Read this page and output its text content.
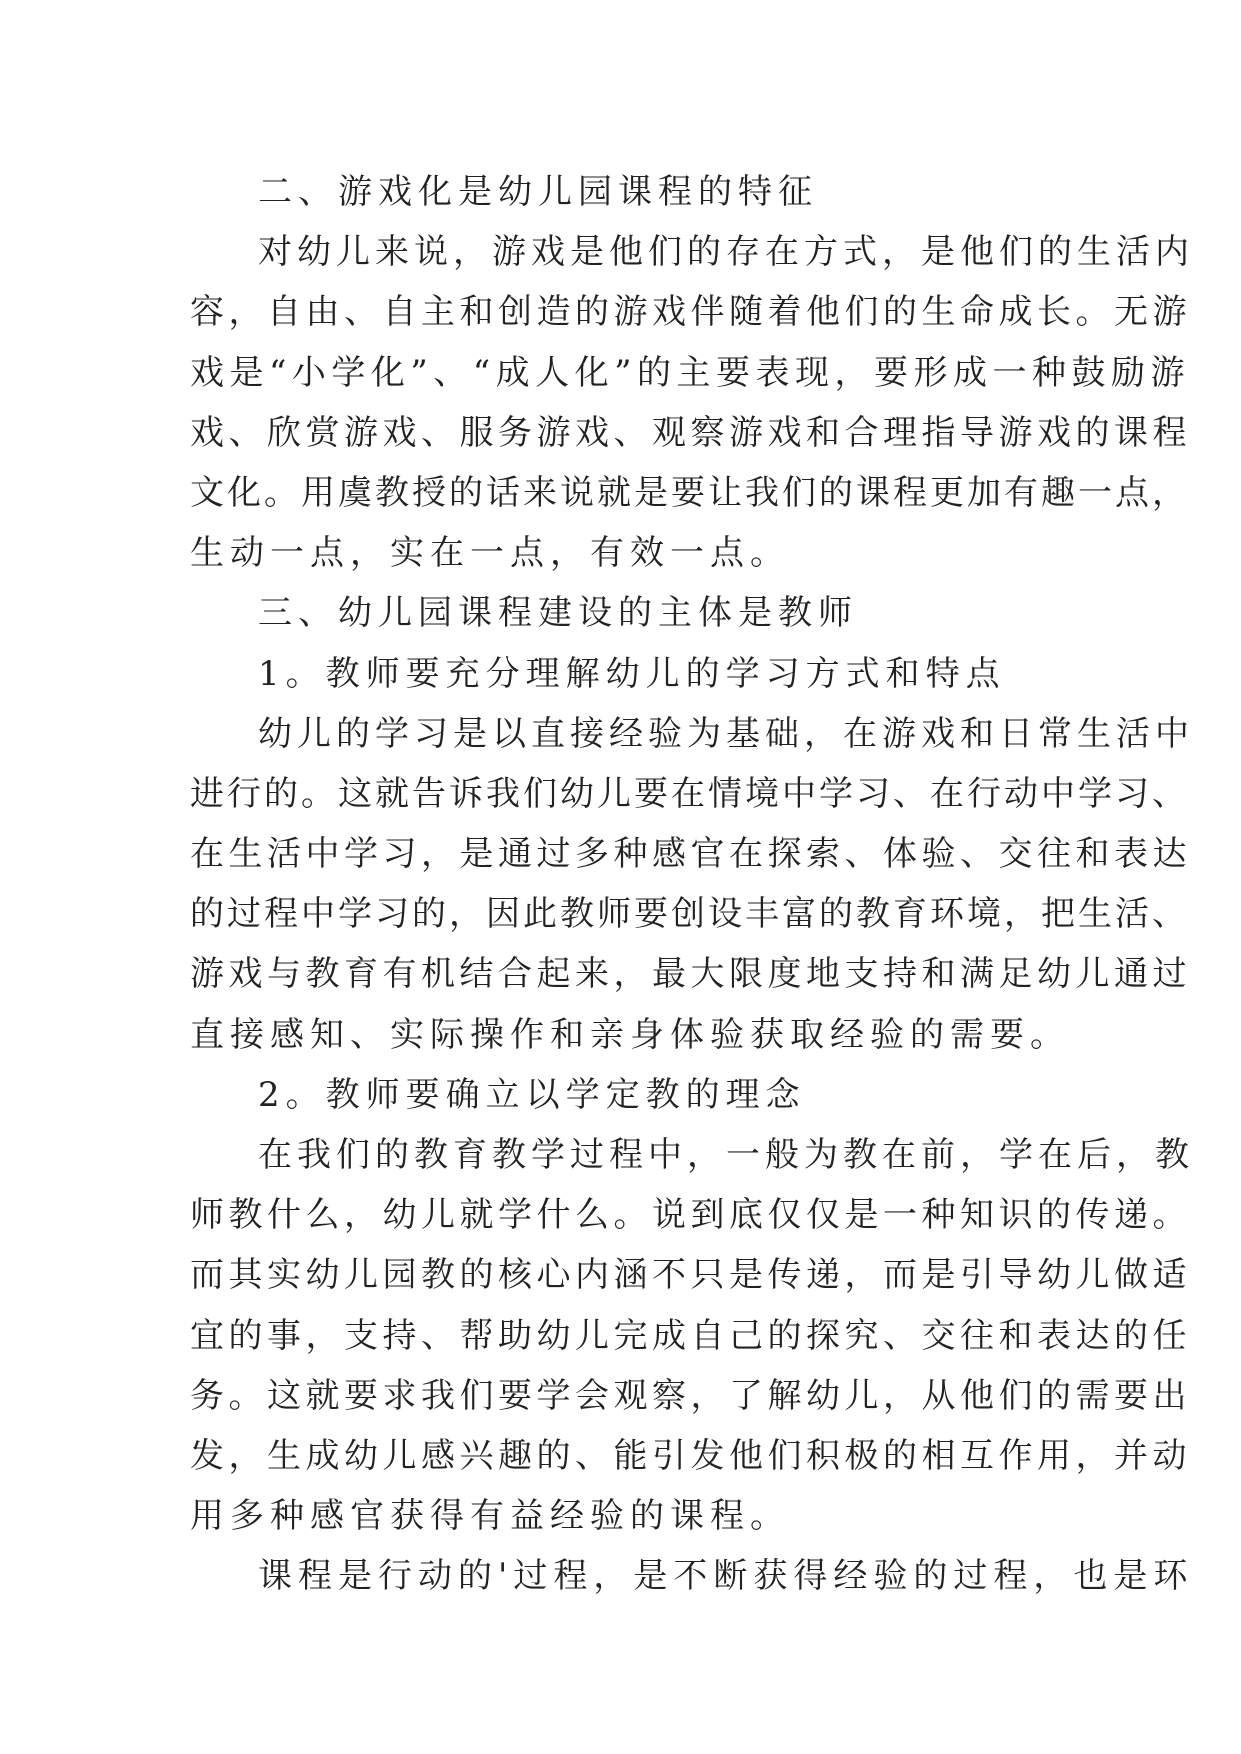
二、游戏化是幼儿园课程的特征
对幼儿来说，游戏是他们的存在方式，是他们的生活内
容，自由、自主和创造的游戏伴随着他们的生命成长。无游
戏是“小学化”、“成人化”的主要表现，要形成一种鼓励游
戏、欣赏游戏、服务游戏、观察游戏和合理指导游戏的课程
文化。用虞教授的话来说就是要让我们的课程更加有趣一点，
生动一点，实在一点，有效一点。
三、幼儿园课程建设的主体是教师
1。教师要充分理解幼儿的学习方式和特点
幼儿的学习是以直接经验为基础，在游戏和日常生活中
进行的。这就告诉我们幼儿要在情境中学习、在行动中学习、
在生活中学习，是通过多种感官在探索、体验、交往和表达
的过程中学习的，因此教师要创设丰富的教育环境，把生活、
游戏与教育有机结合起来，最大限度地支持和满足幼儿通过
直接感知、实际操作和亲身体验获取经验的需要。
2。教师要确立以学定教的理念
在我们的教育教学过程中，一般为教在前，学在后，教
师教什么，幼儿就学什么。说到底仅仅是一种知识的传递。
而其实幼儿园教的核心内涵不只是传递，而是引导幼儿做适
宜的事，支持、帮助幼儿完成自己的探究、交往和表达的任
务。这就要求我们要学会观察，了解幼儿，从他们的需要出
发，生成幼儿感兴趣的、能引发他们积极的相互作用，并动
用多种感官获得有益经验的课程。
课程是行动的'过程，是不断获得经验的过程，也是环
